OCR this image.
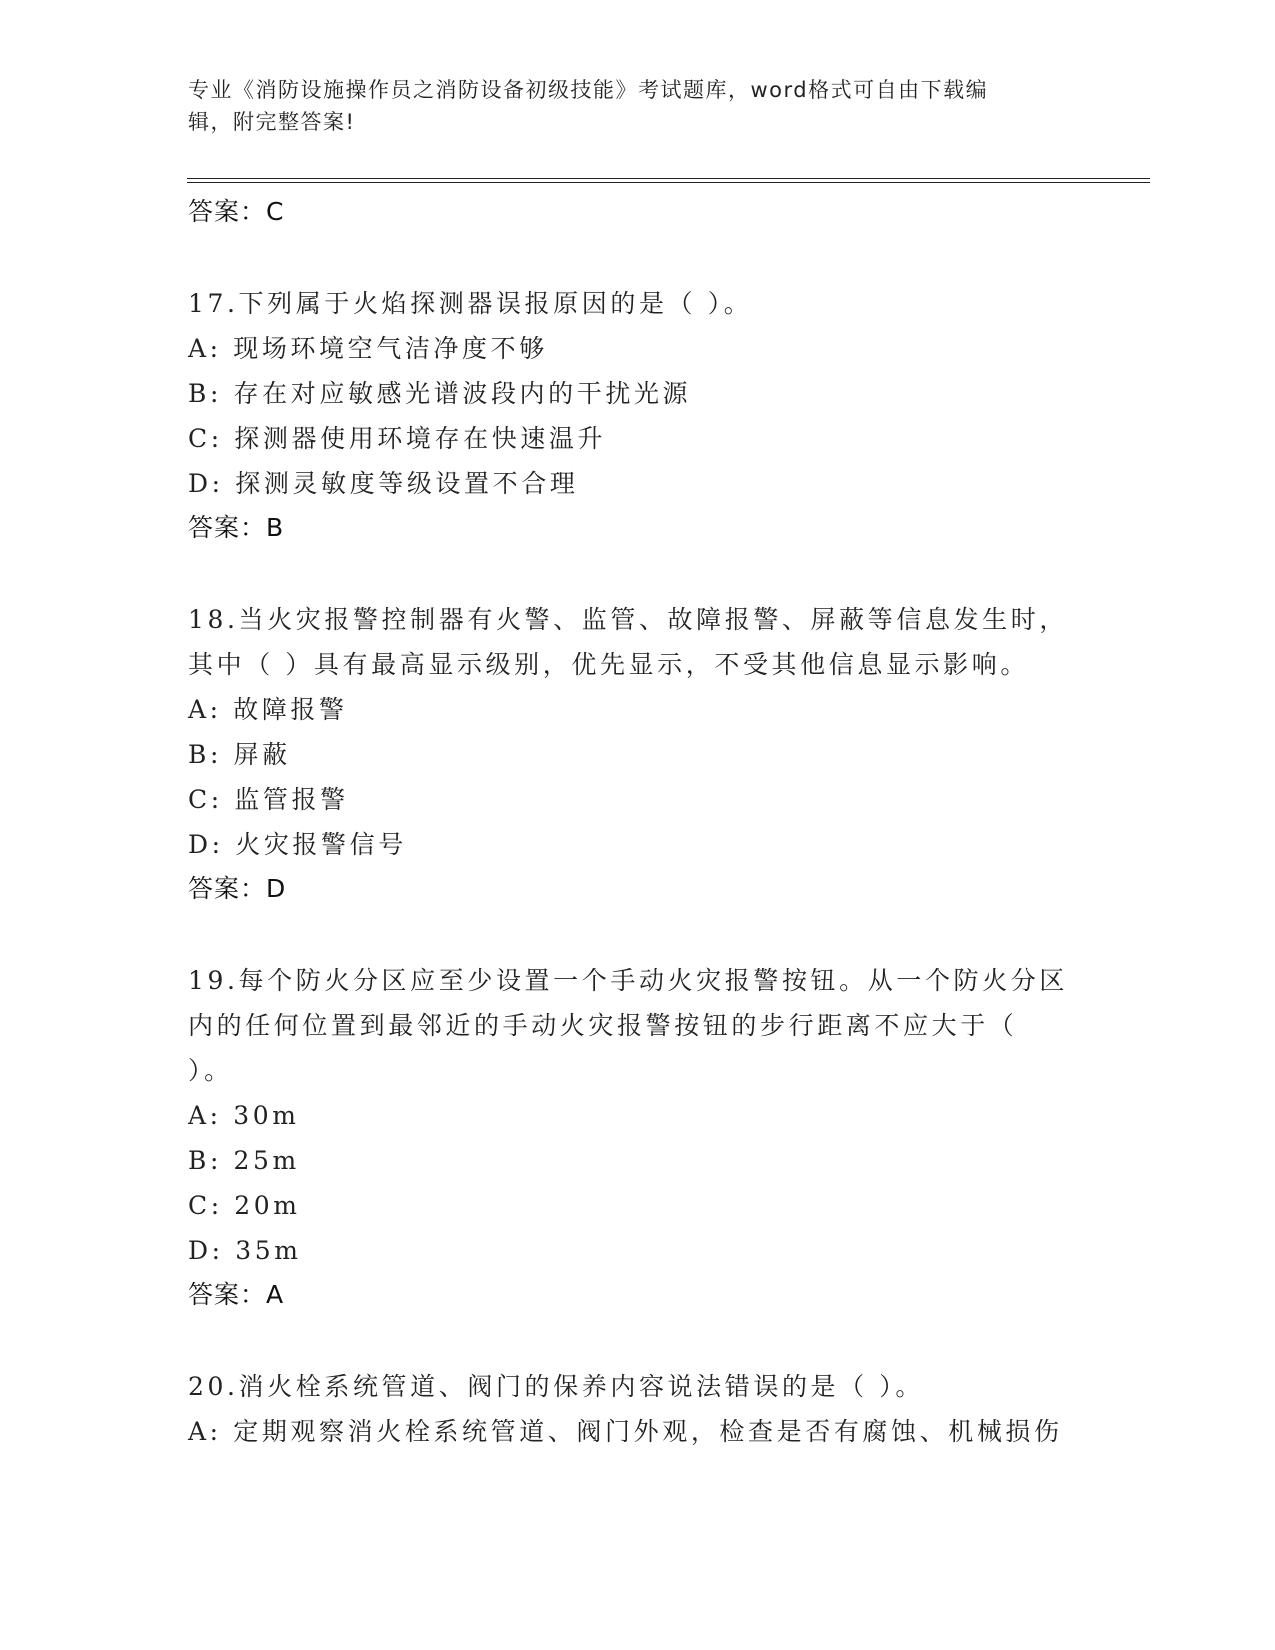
专业《消防设施操作员之消防设备初级技能》考试题库，word格式可自由下载编
辑，附完整答案!
答案：C
17.下列属于火焰探测器误报原因的是（ ）。
A: 现场环境空气洁净度不够
B: 存在对应敏感光谱波段内的干扰光源
C: 探测器使用环境存在快速温升
D: 探测灵敏度等级设置不合理
答案：B
18.当火灾报警控制器有火警、监管、故障报警、屏蔽等信息发生时，其中（ ）具有最高显示级别，优先显示，不受其他信息显示影响。
A: 故障报警
B: 屏蔽
C: 监管报警
D: 火灾报警信号
答案：D
19.每个防火分区应至少设置一个手动火灾报警按钮。从一个防火分区内的任何位置到最邻近的手动火灾报警按钮的步行距离不应大于（ ）。
A: 30m
B: 25m
C: 20m
D: 35m
答案：A
20.消火栓系统管道、阀门的保养内容说法错误的是（ ）。
A: 定期观察消火栓系统管道、阀门外观，检查是否有腐蚀、机械损伤
